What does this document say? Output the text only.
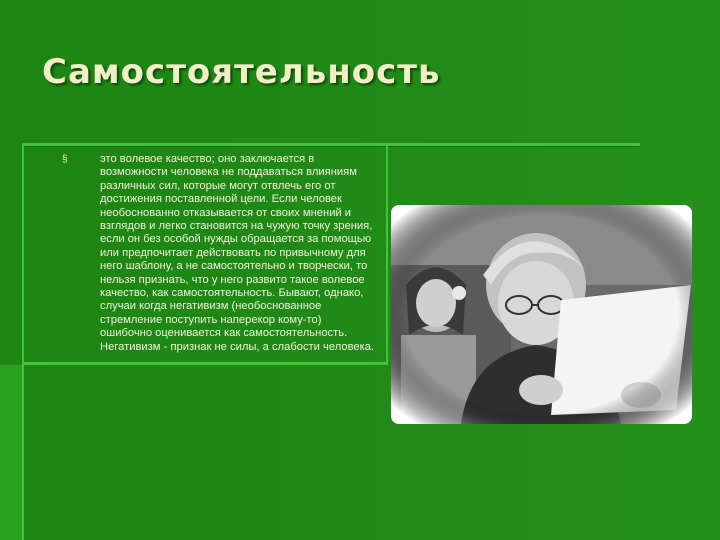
Самостоятельность
§	это волевое качество; оно заключается в возможности человека не поддаваться влияниям различных сил, которые могут отвлечь его от достижения поставленной цели. Если человек необоснованно отказывается от своих мнений и взглядов и легко становится на чужую точку зрения, если он без особой нужды обращается за помощью или предпочитает действовать по привычному для него шаблону, а не самостоятельно и творчески, то нельзя признать, что у него развито такое волевое качество, как самостоятельность. Бывают, однако, случаи когда негативизм (необоснованное стремление поступить наперекор кому-то) ошибочно оценивается как самостоятельность. Негативизм - признак не силы, а слабости человека.
